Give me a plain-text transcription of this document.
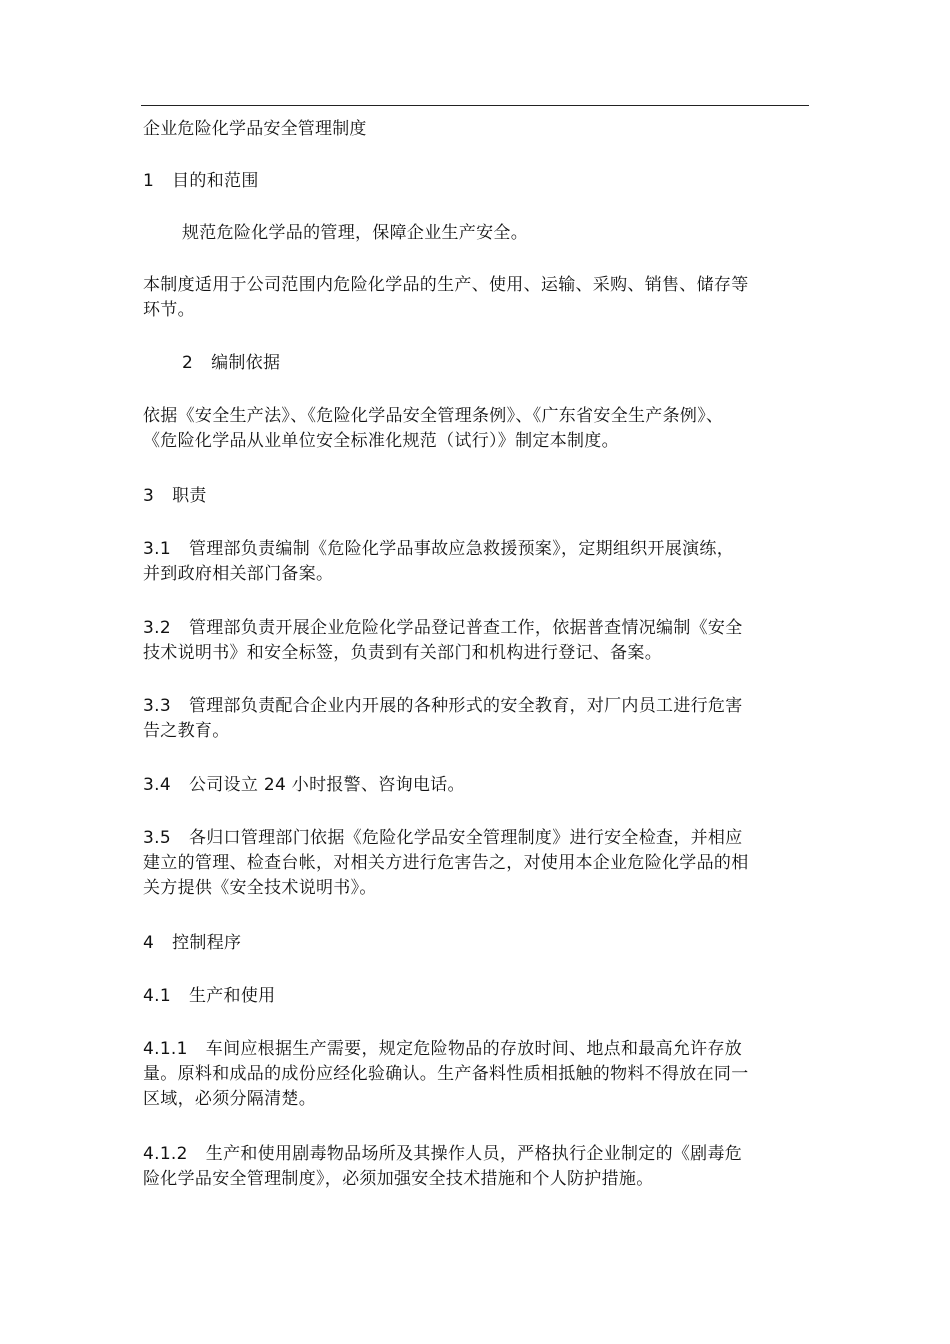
企业危险化学品安全管理制度
1 目的和范围
规范危险化学品的管理，保障企业生产安全。
本制度适用于公司范围内危险化学品的生产、使用、运输、采购、销售、储存等
环节。
2 编制依据
依据《安全生产法》、《危险化学品安全管理条例》、《广东省安全生产条例》、
《危险化学品从业单位安全标准化规范（试行）》制定本制度。
3 职责
3.1 管理部负责编制《危险化学品事故应急救援预案》，定期组织开展演练，
并到政府相关部门备案。
3.2 管理部负责开展企业危险化学品登记普查工作，依据普查情况编制《安全
技术说明书》和安全标签，负责到有关部门和机构进行登记、备案。
3.3 管理部负责配合企业内开展的各种形式的安全教育，对厂内员工进行危害
告之教育。
3.4 公司设立 24 小时报警、咨询电话。
3.5 各归口管理部门依据《危险化学品安全管理制度》进行安全检查，并相应
建立的管理、检查台帐，对相关方进行危害告之，对使用本企业危险化学品的相
关方提供《安全技术说明书》。
4 控制程序
4.1 生产和使用
4.1.1 车间应根据生产需要，规定危险物品的存放时间、地点和最高允许存放
量。原料和成品的成份应经化验确认。生产备料性质相抵触的物料不得放在同一
区域，必须分隔清楚。
4.1.2 生产和使用剧毒物品场所及其操作人员，严格执行企业制定的《剧毒危
险化学品安全管理制度》，必须加强安全技术措施和个人防护措施。
